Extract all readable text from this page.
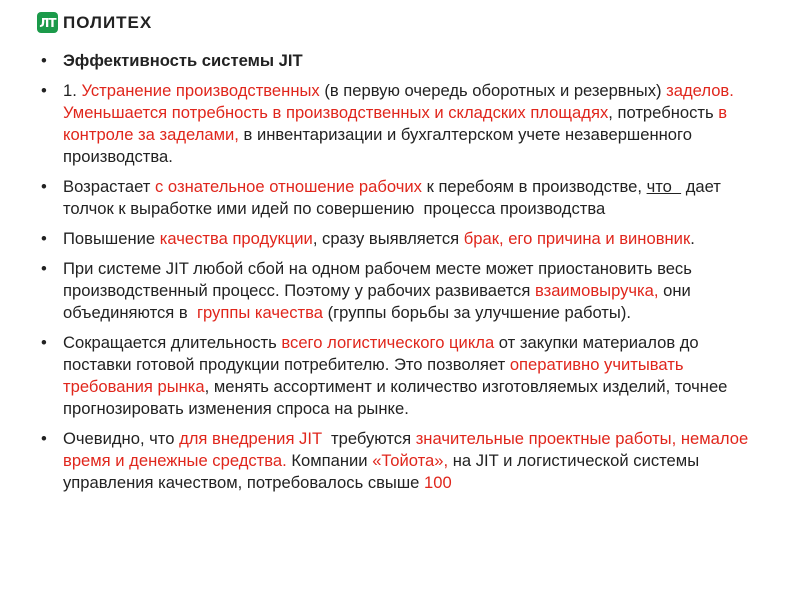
ЛТ ПОЛИТЕХ
• Эффективность системы JIT
• 1. Устранение производственных (в первую очередь оборотных и резервных) заделов. Уменьшается потребность в производственных и складских площадях, потребность в контроле за заделами, в инвентаризации и бухгалтерском учете незавершенного производства.
• Возрастает с ознательное отношение рабочих к перебоям в производстве, что   дает толчок к выработке ими идей по совершению  процесса производства
• Повышение качества продукции, сразу выявляется брак, его причина и виновник.
• При системе JIT любой сбой на одном рабочем месте может приостановить весь производственный процесс. Поэтому у рабочих развивается взаимовыручка, они объединяются в  группы качества (группы борьбы за улучшение работы).
• Сокращается длительность всего логистического цикла от закупки материалов до поставки готовой продукции потребителю. Это позволяет оперативно учитывать требования рынка, менять ассортимент и количество изготовляемых изделий, точнее прогнозировать изменения спроса на рынке.
• Очевидно, что для внедрения JIT  требуются значительные проектные работы, немалое время и денежные средства. Компании «Тойота», на JIT и логистической системы управления качеством, потребовалось свыше 100
